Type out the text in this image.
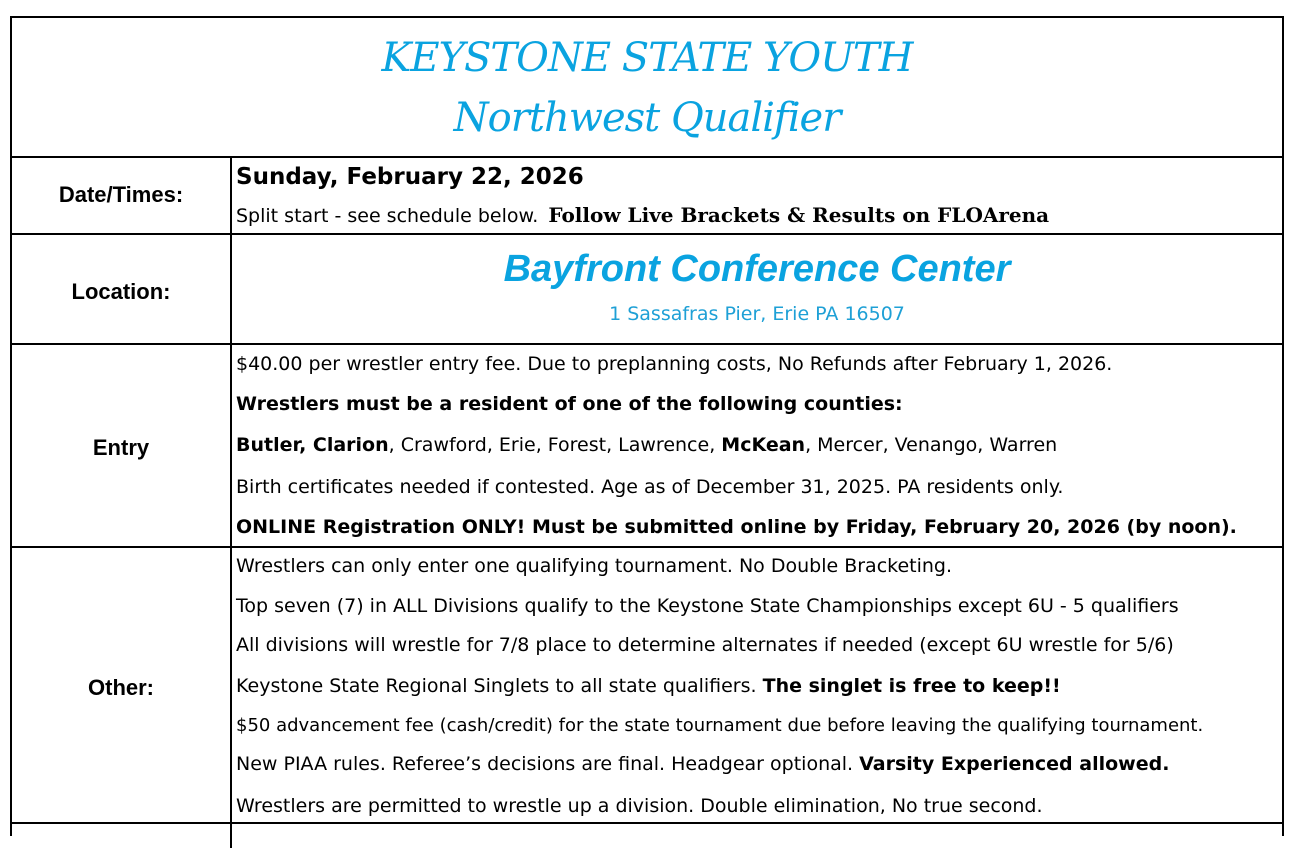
KEYSTONE STATE YOUTH
Northwest Qualifier
Date/Times:
Sunday, February 22, 2026
Split start - see schedule below. Follow Live Brackets & Results on FLOArena
Location:
Bayfront Conference Center
1 Sassafras Pier, Erie PA 16507
Entry
$40.00 per wrestler entry fee. Due to preplanning costs, No Refunds after February 1, 2026.
Wrestlers must be a resident of one of the following counties:
Butler, Clarion, Crawford, Erie, Forest, Lawrence, McKean, Mercer, Venango, Warren
Birth certificates needed if contested. Age as of December 31, 2025. PA residents only.
ONLINE Registration ONLY! Must be submitted online by Friday, February 20, 2026 (by noon).
Other:
Wrestlers can only enter one qualifying tournament. No Double Bracketing.
Top seven (7) in ALL Divisions qualify to the Keystone State Championships except 6U - 5 qualifiers
All divisions will wrestle for 7/8 place to determine alternates if needed (except 6U wrestle for 5/6)
Keystone State Regional Singlets to all state qualifiers. The singlet is free to keep!!
$50 advancement fee (cash/credit) for the state tournament due before leaving the qualifying tournament.
New PIAA rules. Referee’s decisions are final. Headgear optional. Varsity Experienced allowed.
Wrestlers are permitted to wrestle up a division. Double elimination, No true second.
